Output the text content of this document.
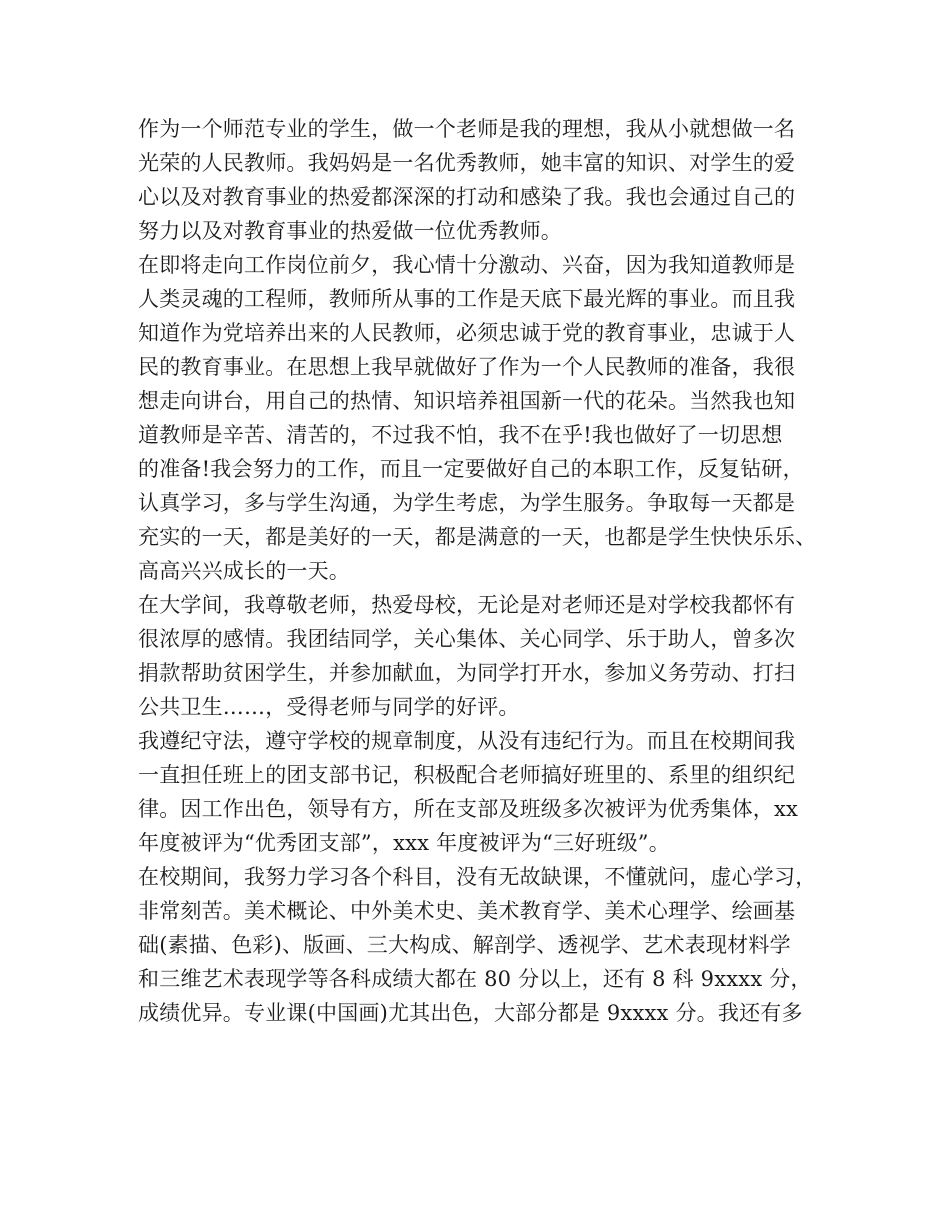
作为一个师范专业的学生，做一个老师是我的理想，我从小就想做一名
光荣的人民教师。我妈妈是一名优秀教师，她丰富的知识、对学生的爱
心以及对教育事业的热爱都深深的打动和感染了我。我也会通过自己的
努力以及对教育事业的热爱做一位优秀教师。
在即将走向工作岗位前夕，我心情十分激动、兴奋，因为我知道教师是
人类灵魂的工程师，教师所从事的工作是天底下最光辉的事业。而且我
知道作为党培养出来的人民教师，必须忠诚于党的教育事业，忠诚于人
民的教育事业。在思想上我早就做好了作为一个人民教师的准备，我很
想走向讲台，用自己的热情、知识培养祖国新一代的花朵。当然我也知
道教师是辛苦、清苦的，不过我不怕，我不在乎!我也做好了一切思想
的准备!我会努力的工作，而且一定要做好自己的本职工作，反复钻研，
认真学习，多与学生沟通，为学生考虑，为学生服务。争取每一天都是
充实的一天，都是美好的一天，都是满意的一天，也都是学生快快乐乐、
高高兴兴成长的一天。
在大学间，我尊敬老师，热爱母校，无论是对老师还是对学校我都怀有
很浓厚的感情。我团结同学，关心集体、关心同学、乐于助人，曾多次
捐款帮助贫困学生，并参加献血，为同学打开水，参加义务劳动、打扫
公共卫生……，受得老师与同学的好评。
我遵纪守法，遵守学校的规章制度，从没有违纪行为。而且在校期间我
一直担任班上的团支部书记，积极配合老师搞好班里的、系里的组织纪
律。因工作出色，领导有方，所在支部及班级多次被评为优秀集体，xx
年度被评为“优秀团支部”，xxx 年度被评为“三好班级”。
在校期间，我努力学习各个科目，没有无故缺课，不懂就问，虚心学习，
非常刻苦。美术概论、中外美术史、美术教育学、美术心理学、绘画基
础(素描、色彩)、版画、三大构成、解剖学、透视学、艺术表现材料学
和三维艺术表现学等各科成绩大都在 80 分以上，还有 8 科 9xxxx 分，
成绩优异。专业课(中国画)尤其出色，大部分都是 9xxxx 分。我还有多
